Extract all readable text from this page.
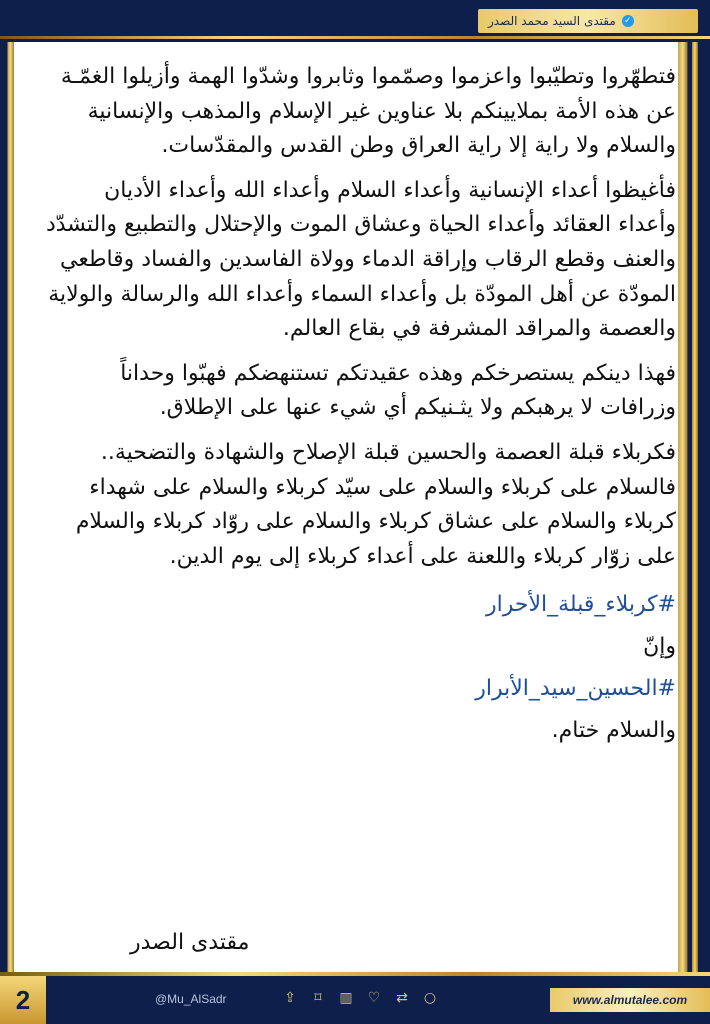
✓
مقتدى السيد محمد الصدر

فتطهّروا وتطيّبوا واعزموا وصمّموا وثابروا وشدّوا الهمة وأزيلوا الغمّـة عن هذه الأمة بملايينكم بلا عناوين غير الإسلام والمذهب والإنسانية والسلام ولا راية إلا راية العراق وطن القدس والمقدّسات.

فأغيظوا أعداء الإنسانية وأعداء السلام وأعداء الله وأعداء الأديان وأعداء العقائد وأعداء الحياة وعشاق الموت والإحتلال والتطبيع والتشدّد والعنف وقطع الرقاب وإراقة الدماء وولاة الفاسدين والفساد وقاطعي المودّة عن أهل المودّة بل وأعداء السماء وأعداء الله والرسالة والولاية والعصمة والمراقد المشرفة في بقاع العالم.

فهذا دينكم يستصرخكم وهذه عقيدتكم تستنهضكم فهبّوا وحداناً وزرافات لا يرهبكم ولا يثـنيكم أي شيء عنها على الإطلاق.

فكربلاء قبلة العصمة والحسين قبلة الإصلاح والشهادة والتضحية.. فالسلام على كربلاء والسلام على سيّد كربلاء والسلام على شهداء كربلاء والسلام على عشاق كربلاء والسلام على روّاد كربلاء والسلام على زوّار كربلاء واللعنة على أعداء كربلاء إلى يوم الدين.

#كربلاء_قبلة_الأحرار
وإنّ
#الحسين_سيد_الأبرار
والسلام ختام.
مقتدى الصدر
2	@Mu_AlSadr	⇪	⌑	▥ ♡ ⇄ ○	www.almutalee.com
